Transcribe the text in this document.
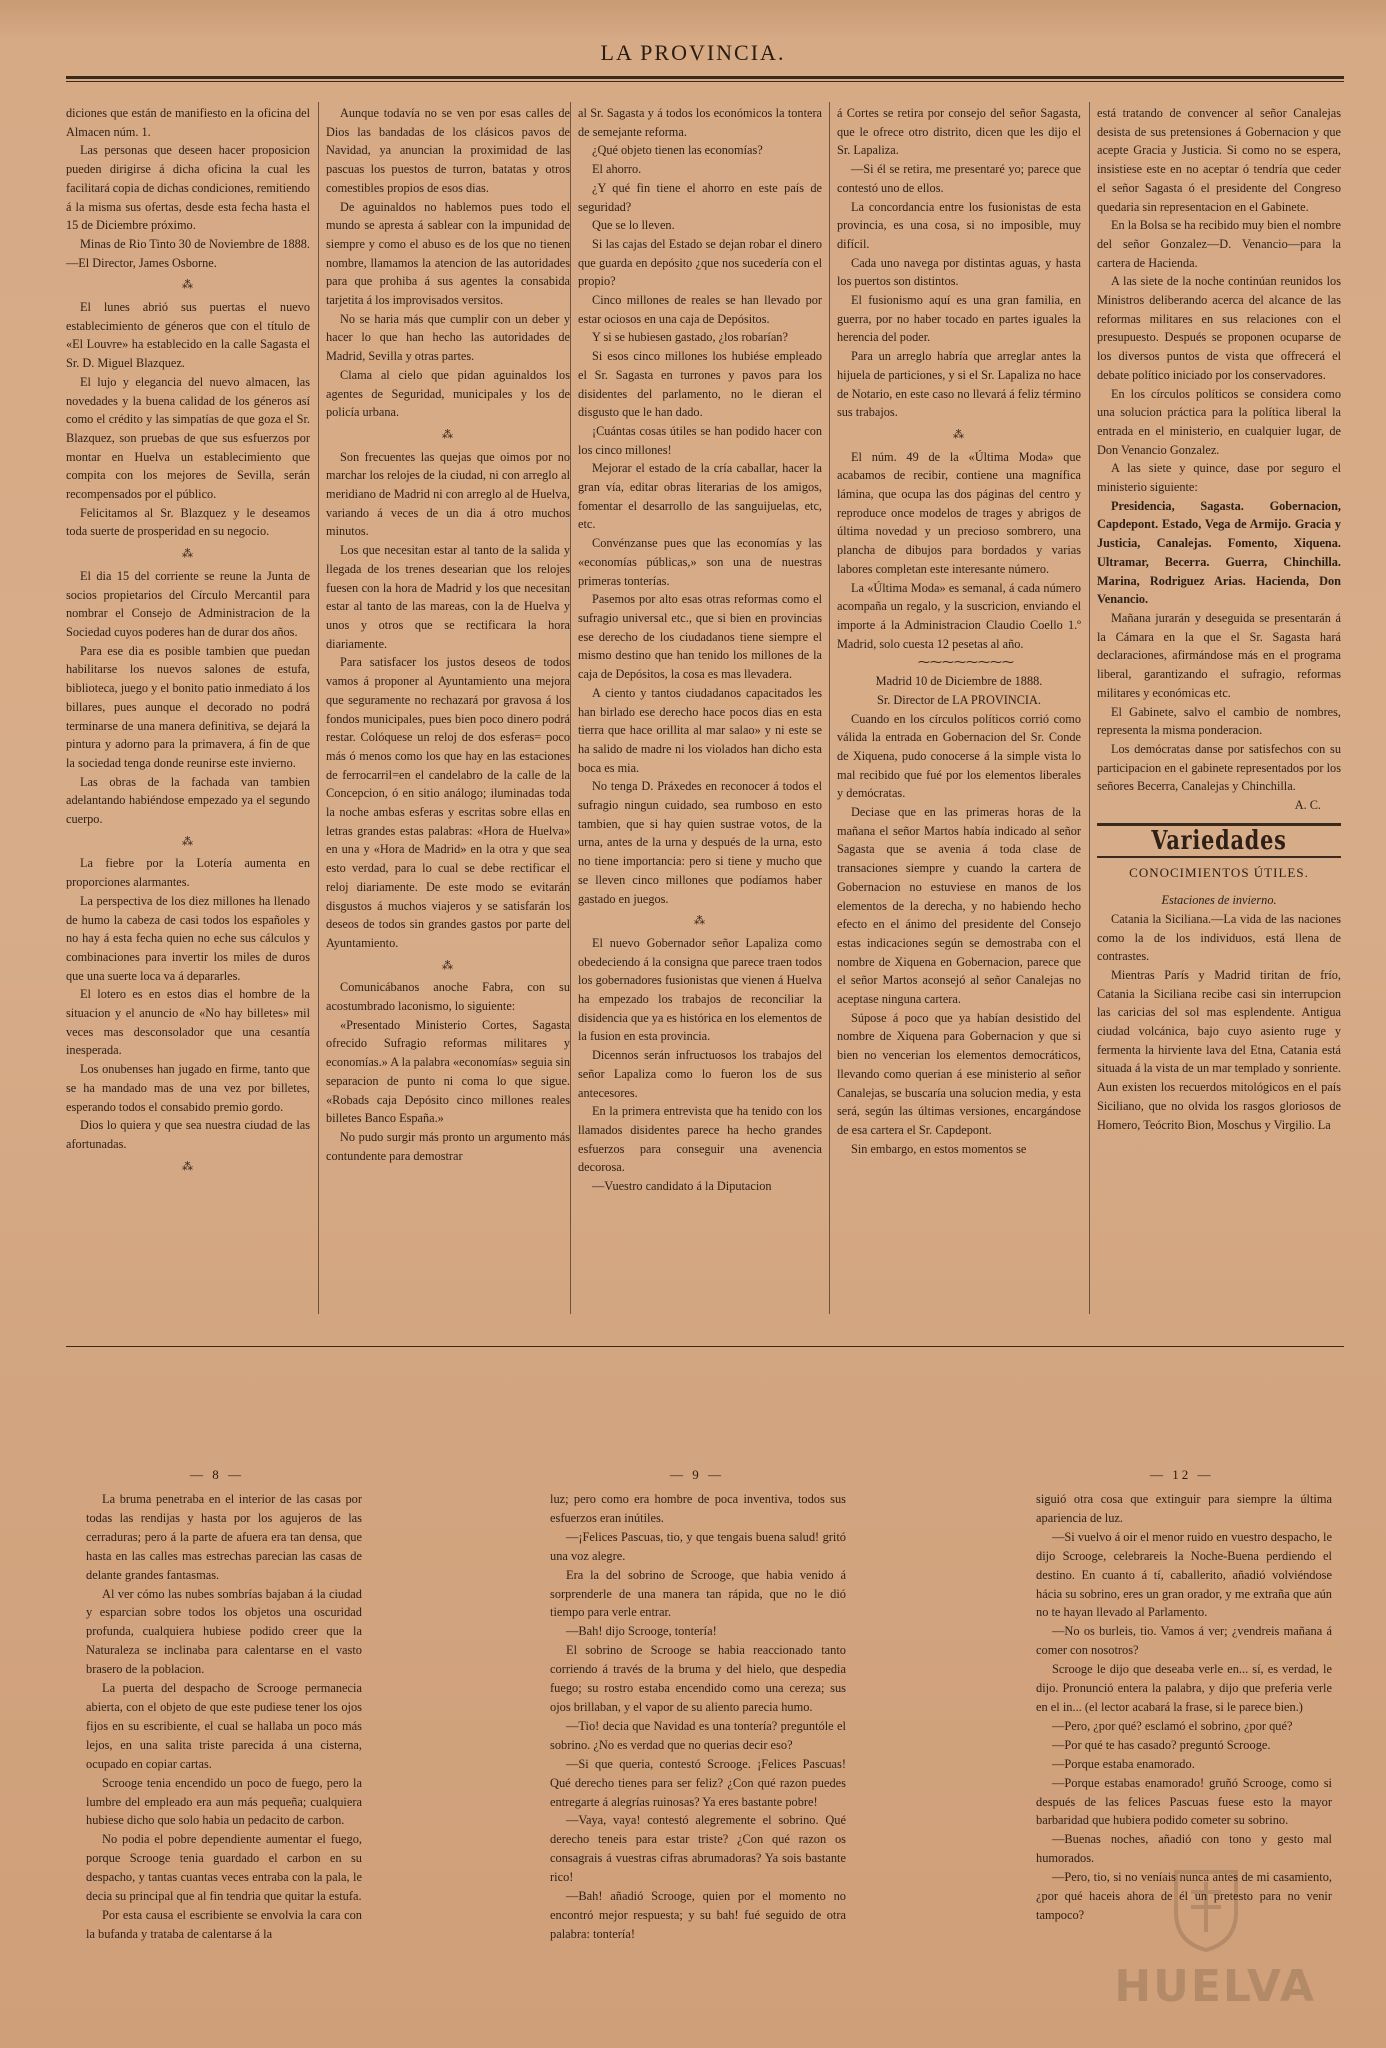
LA PROVINCIA.

diciones que están de manifiesto en la oficina del Almacen núm. 1.

Las personas que deseen hacer proposicion pueden dirigirse á dicha oficina la cual les facilitará copia de dichas condiciones, remitiendo á la misma sus ofertas, desde esta fecha hasta el 15 de Diciembre próximo.

Minas de Rio Tinto 30 de Noviembre de 1888.—El Director, James Osborne.

⁂

El lunes abrió sus puertas el nuevo establecimiento de géneros que con el título de «El Louvre» ha establecido en la calle Sagasta el Sr. D. Miguel Blazquez.

El lujo y elegancia del nuevo almacen, las novedades y la buena calidad de los géneros así como el crédito y las simpatías de que goza el Sr. Blazquez, son pruebas de que sus esfuerzos por montar en Huelva un establecimiento que compita con los mejores de Sevilla, serán recompensados por el público.

Felicitamos al Sr. Blazquez y le deseamos toda suerte de prosperidad en su negocio.

⁂

El dia 15 del corriente se reune la Junta de socios propietarios del Círculo Mercantil para nombrar el Consejo de Administracion de la Sociedad cuyos poderes han de durar dos años.

Para ese dia es posible tambien que puedan habilitarse los nuevos salones de estufa, biblioteca, juego y el bonito patio inmediato á los billares, pues aunque el decorado no podrá terminarse de una manera definitiva, se dejará la pintura y adorno para la primavera, á fin de que la sociedad tenga donde reunirse este invierno.

Las obras de la fachada van tambien adelantando habiéndose empezado ya el segundo cuerpo.

⁂

La fiebre por la Lotería aumenta en proporciones alarmantes.

La perspectiva de los diez millones ha llenado de humo la cabeza de casi todos los españoles y no hay á esta fecha quien no eche sus cálculos y combinaciones para invertir los miles de duros que una suerte loca va á depararles.

El lotero es en estos dias el hombre de la situacion y el anuncio de «No hay billetes» mil veces mas desconsolador que una cesantía inesperada.

Los onubenses han jugado en firme, tanto que se ha mandado mas de una vez por billetes, esperando todos el consabido premio gordo.

Dios lo quiera y que sea nuestra ciudad de las afortunadas.

⁂

Aunque todavía no se ven por esas calles de Dios las bandadas de los clásicos pavos de Navidad, ya anuncian la proximidad de las pascuas los puestos de turron, batatas y otros comestibles propios de esos dias.

De aguinaldos no hablemos pues todo el mundo se apresta á sablear con la impunidad de siempre y como el abuso es de los que no tienen nombre, llamamos la atencion de las autoridades para que prohiba á sus agentes la consabida tarjetita á los improvisados versitos.

No se haria más que cumplir con un deber y hacer lo que han hecho las autoridades de Madrid, Sevilla y otras partes.

Clama al cielo que pidan aguinaldos los agentes de Seguridad, municipales y los de policía urbana.

⁂

Son frecuentes las quejas que oimos por no marchar los relojes de la ciudad, ni con arreglo al meridiano de Madrid ni con arreglo al de Huelva, variando á veces de un dia á otro muchos minutos.

Los que necesitan estar al tanto de la salida y llegada de los trenes desearian que los relojes fuesen con la hora de Madrid y los que necesitan estar al tanto de las mareas, con la de Huelva y unos y otros que se rectificara la hora diariamente.

Para satisfacer los justos deseos de todos vamos á proponer al Ayuntamiento una mejora que seguramente no rechazará por gravosa á los fondos municipales, pues bien poco dinero podrá restar. Colóquese un reloj de dos esferas= poco más ó menos como los que hay en las estaciones de ferrocarril=en el candelabro de la calle de la Concepcion, ó en sitio análogo; iluminadas toda la noche ambas esferas y escritas sobre ellas en letras grandes estas palabras: «Hora de Huelva» en una y «Hora de Madrid» en la otra y que sea esto verdad, para lo cual se debe rectificar el reloj diariamente. De este modo se evitarán disgustos á muchos viajeros y se satisfarán los deseos de todos sin grandes gastos por parte del Ayuntamiento.

⁂

Comunicábanos anoche Fabra, con su acostumbrado laconismo, lo siguiente:

«Presentado Ministerio Cortes, Sagasta ofrecido Sufragio reformas militares y economías.» A la palabra «economías» seguia sin separacion de punto ni coma lo que sigue. «Robads caja Depósito cinco millones reales billetes Banco España.»

No pudo surgir más pronto un argumento más contundente para demostrar

al Sr. Sagasta y á todos los económicos la tontera de semejante reforma.

¿Qué objeto tienen las economías?

El ahorro.

¿Y qué fin tiene el ahorro en este país de seguridad?

Que se lo lleven.

Si las cajas del Estado se dejan robar el dinero que guarda en depósito ¿que nos sucedería con el propio?

Cinco millones de reales se han llevado por estar ociosos en una caja de Depósitos.

Y si se hubiesen gastado, ¿los robarían?

Si esos cinco millones los hubiése empleado el Sr. Sagasta en turrones y pavos para los disidentes del parlamento, no le dieran el disgusto que le han dado.

¡Cuántas cosas útiles se han podido hacer con los cinco millones!

Mejorar el estado de la cría caballar, hacer la gran vía, editar obras literarias de los amigos, fomentar el desarrollo de las sanguijuelas, etc, etc.

Convénzanse pues que las economías y las «economías públicas,» son una de nuestras primeras tonterías.

Pasemos por alto esas otras reformas como el sufragio universal etc., que si bien en provincias ese derecho de los ciudadanos tiene siempre el mismo destino que han tenido los millones de la caja de Depósitos, la cosa es mas llevadera.

A ciento y tantos ciudadanos capacitados les han birlado ese derecho hace pocos dias en esta tierra que hace orillita al mar salao» y ni este se ha salido de madre ni los violados han dicho esta boca es mia.

No tenga D. Práxedes en reconocer á todos el sufragio ningun cuidado, sea rumboso en esto tambien, que si hay quien sustrae votos, de la urna, antes de la urna y después de la urna, esto no tiene importancia: pero si tiene y mucho que se lleven cinco millones que podíamos haber gastado en juegos.

⁂

El nuevo Gobernador señor Lapaliza como obedeciendo á la consigna que parece traen todos los gobernadores fusionistas que vienen á Huelva ha empezado los trabajos de reconciliar la disidencia que ya es histórica en los elementos de la fusion en esta provincia.

Dicennos serán infructuosos los trabajos del señor Lapaliza como lo fueron los de sus antecesores.

En la primera entrevista que ha tenido con los llamados disidentes parece ha hecho grandes esfuerzos para conseguir una avenencia decorosa.

—Vuestro candidato á la Diputacion

á Cortes se retira por consejo del señor Sagasta, que le ofrece otro distrito, dicen que les dijo el Sr. Lapaliza.

—Si él se retira, me presentaré yo; parece que contestó uno de ellos.

La concordancia entre los fusionistas de esta provincia, es una cosa, si no imposible, muy difícil.

Cada uno navega por distintas aguas, y hasta los puertos son distintos.

El fusionismo aquí es una gran familia, en guerra, por no haber tocado en partes iguales la herencia del poder.

Para un arreglo habría que arreglar antes la hijuela de particiones, y si el Sr. Lapaliza no hace de Notario, en este caso no llevará á feliz término sus trabajos.

⁂

El núm. 49 de la «Última Moda» que acabamos de recibir, contiene una magnífica lámina, que ocupa las dos páginas del centro y reproduce once modelos de trages y abrigos de última novedad y un precioso sombrero, una plancha de dibujos para bordados y varias labores completan este interesante número.

La «Última Moda» es semanal, á cada número acompaña un regalo, y la suscricion, enviando el importe á la Administracion Claudio Coello 1.º Madrid, solo cuesta 12 pesetas al año.

⁓⁓⁓⁓⁓⁓⁓⁓

Madrid 10 de Diciembre de 1888.

Sr. Director de LA PROVINCIA.

Cuando en los círculos políticos corrió como válida la entrada en Gobernacion del Sr. Conde de Xiquena, pudo conocerse á la simple vista lo mal recibido que fué por los elementos liberales y demócratas.

Deciase que en las primeras horas de la mañana el señor Martos había indicado al señor Sagasta que se avenia á toda clase de transaciones siempre y cuando la cartera de Gobernacion no estuviese en manos de los elementos de la derecha, y no habiendo hecho efecto en el ánimo del presidente del Consejo estas indicaciones según se demostraba con el nombre de Xiquena en Gobernacion, parece que el señor Martos aconsejó al señor Canalejas no aceptase ninguna cartera.

Súpose á poco que ya habían desistido del nombre de Xiquena para Gobernacion y que si bien no vencerian los elementos democráticos, llevando como querian á ese ministerio al señor Canalejas, se buscaría una solucion media, y esta será, según las últimas versiones, encargándose de esa cartera el Sr. Capdepont.

Sin embargo, en estos momentos se

está tratando de convencer al señor Canalejas desista de sus pretensiones á Gobernacion y que acepte Gracia y Justicia. Si como no se espera, insistiese este en no aceptar ó tendría que ceder el señor Sagasta ó el presidente del Congreso quedaria sin representacion en el Gabinete.

En la Bolsa se ha recibido muy bien el nombre del señor Gonzalez—D. Venancio—para la cartera de Hacienda.

A las siete de la noche continúan reunidos los Ministros deliberando acerca del alcance de las reformas militares en sus relaciones con el presupuesto. Después se proponen ocuparse de los diversos puntos de vista que offrecerá el debate político iniciado por los conservadores.

En los círculos políticos se considera como una solucion práctica para la política liberal la entrada en el ministerio, en cualquier lugar, de Don Venancio Gonzalez.

A las siete y quince, dase por seguro el ministerio siguiente:

Presidencia, Sagasta. Gobernacion, Capdepont. Estado, Vega de Armijo. Gracia y Justicia, Canalejas. Fomento, Xiquena. Ultramar, Becerra. Guerra, Chinchilla. Marina, Rodriguez Arias. Hacienda, Don Venancio.

Mañana jurarán y deseguida se presentarán á la Cámara en la que el Sr. Sagasta hará declaraciones, afirmándose más en el programa liberal, garantizando el sufragio, reformas militares y económicas etc.

El Gabinete, salvo el cambio de nombres, representa la misma ponderacion.

Los demócratas danse por satisfechos con su participacion en el gabinete representados por los señores Becerra, Canalejas y Chinchilla.

A. C.

Variedades
CONOCIMIENTOS ÚTILES.

Estaciones de invierno.

Catania la Siciliana.—La vida de las naciones como la de los individuos, está llena de contrastes.

Mientras París y Madrid tiritan de frío, Catania la Siciliana recibe casi sin interrupcion las caricias del sol mas esplendente. Antigua ciudad volcánica, bajo cuyo asiento ruge y fermenta la hirviente lava del Etna, Catania está situada á la vista de un mar templado y sonriente. Aun existen los recuerdos mitológicos en el país Siciliano, que no olvida los rasgos gloriosos de Homero, Teócrito Bion, Moschus y Virgilio. La

— 8 —	— 9 —	— 12 —

La bruma penetraba en el interior de las casas por todas las rendijas y hasta por los agujeros de las cerraduras; pero á la parte de afuera era tan densa, que hasta en las calles mas estrechas parecian las casas de delante grandes fantasmas.

Al ver cómo las nubes sombrías bajaban á la ciudad y esparcian sobre todos los objetos una oscuridad profunda, cualquiera hubiese podido creer que la Naturaleza se inclinaba para calentarse en el vasto brasero de la poblacion.

La puerta del despacho de Scrooge permanecia abierta, con el objeto de que este pudiese tener los ojos fijos en su escribiente, el cual se hallaba un poco más lejos, en una salita triste parecida á una cisterna, ocupado en copiar cartas.

Scrooge tenia encendido un poco de fuego, pero la lumbre del empleado era aun más pequeña; cualquiera hubiese dicho que solo habia un pedacito de carbon.

No podia el pobre dependiente aumentar el fuego, porque Scrooge tenia guardado el carbon en su despacho, y tantas cuantas veces entraba con la pala, le decia su principal que al fin tendria que quitar la estufa.

Por esta causa el escribiente se envolvia la cara con la bufanda y trataba de calentarse á la

luz; pero como era hombre de poca inventiva, todos sus esfuerzos eran inútiles.

—¡Felices Pascuas, tio, y que tengais buena salud! gritó una voz alegre.

Era la del sobrino de Scrooge, que habia venido á sorprenderle de una manera tan rápida, que no le dió tiempo para verle entrar.

—Bah! dijo Scrooge, tontería!

El sobrino de Scrooge se habia reaccionado tanto corriendo á través de la bruma y del hielo, que despedia fuego; su rostro estaba encendido como una cereza; sus ojos brillaban, y el vapor de su aliento parecia humo.

—Tio! decia que Navidad es una tontería? preguntóle el sobrino. ¿No es verdad que no querias decir eso?

—Si que queria, contestó Scrooge. ¡Felices Pascuas! Qué derecho tienes para ser feliz? ¿Con qué razon puedes entregarte á alegrías ruinosas? Ya eres bastante pobre!

—Vaya, vaya! contestó alegremente el sobrino. Qué derecho teneis para estar triste? ¿Con qué razon os consagrais á vuestras cifras abrumadoras? Ya sois bastante rico!

—Bah! añadió Scrooge, quien por el momento no encontró mejor respuesta; y su bah! fué seguido de otra palabra: tontería!

siguió otra cosa que extinguir para siempre la última apariencia de luz.

—Si vuelvo á oir el menor ruido en vuestro despacho, le dijo Scrooge, celebrareis la Noche-Buena perdiendo el destino. En cuanto á tí, caballerito, añadió volviéndose hácia su sobrino, eres un gran orador, y me extraña que aún no te hayan llevado al Parlamento.

—No os burleis, tio. Vamos á ver; ¿vendreis mañana á comer con nosotros?

Scrooge le dijo que deseaba verle en... sí, es verdad, le dijo. Pronunció entera la palabra, y dijo que preferia verle en el in... (el lector acabará la frase, si le parece bien.)

—Pero, ¿por qué? esclamó el sobrino, ¿por qué?

—Por qué te has casado? preguntó Scrooge.

—Porque estaba enamorado.

—Porque estabas enamorado! gruñó Scrooge, como si después de las felices Pascuas fuese esto la mayor barbaridad que hubiera podido cometer su sobrino.

—Buenas noches, añadió con tono y gesto mal humorados.

—Pero, tio, si no veníais nunca antes de mi casamiento, ¿por qué haceis ahora de él un pretesto para no venir tampoco?

HUELVA
